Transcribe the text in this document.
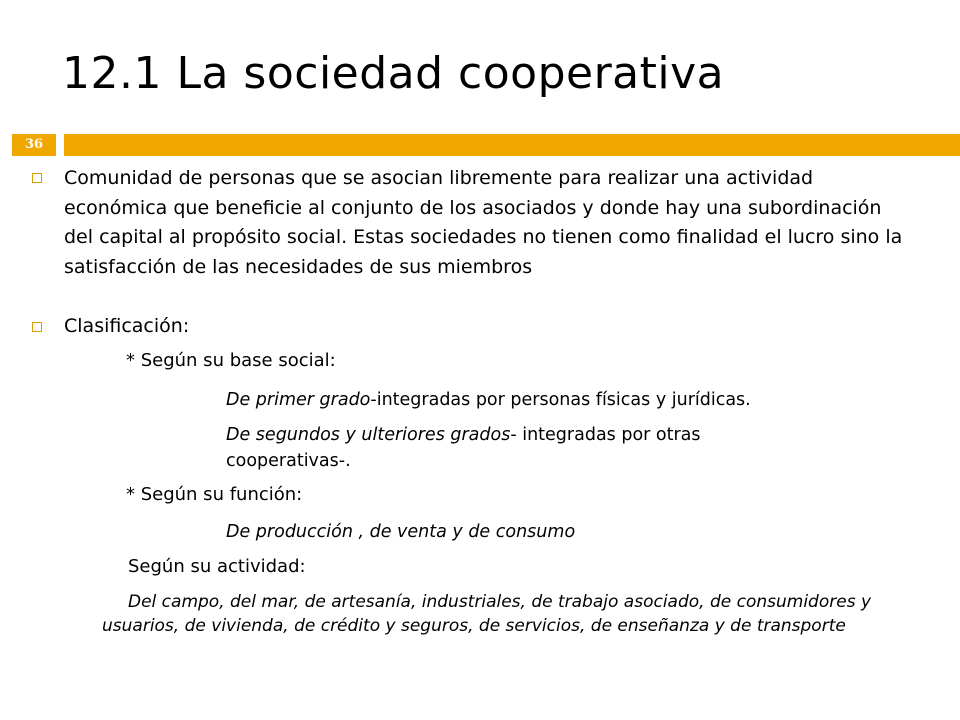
12.1 La sociedad cooperativa
36
Comunidad de personas que se asocian libremente para realizar una actividad económica que beneficie al conjunto de los asociados y donde hay una subordinación del capital al propósito social. Estas sociedades no tienen como finalidad el lucro sino la satisfacción de las necesidades de sus miembros
Clasificación:
* Según su base social:
De primer grado-integradas por personas físicas y jurídicas.
De segundos y ulteriores grados- integradas por otras cooperativas-.
* Según su función:
De producción , de venta y de consumo
Según su actividad:
Del campo, del mar, de artesanía, industriales, de trabajo asociado, de consumidores y usuarios, de vivienda, de crédito y seguros, de servicios, de enseñanza y de transporte
